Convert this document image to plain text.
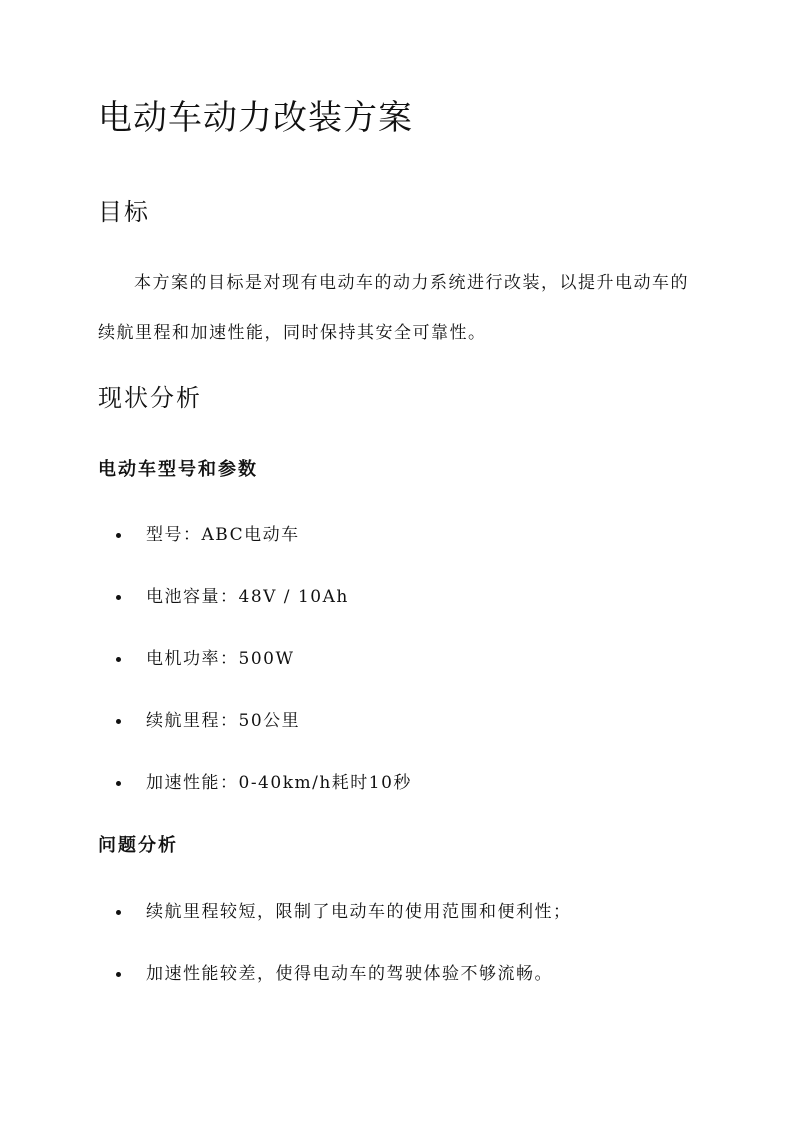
电动车动力改装方案
目标

本方案的目标是对现有电动车的动力系统进行改装，以提升电动车的续航里程和加速性能，同时保持其安全可靠性。

现状分析
电动车型号和参数
型号：ABC电动车
电池容量：48V / 10Ah
电机功率：500W
续航里程：50公里
加速性能：0-40km/h耗时10秒
问题分析
续航里程较短，限制了电动车的使用范围和便利性；
加速性能较差，使得电动车的驾驶体验不够流畅。
